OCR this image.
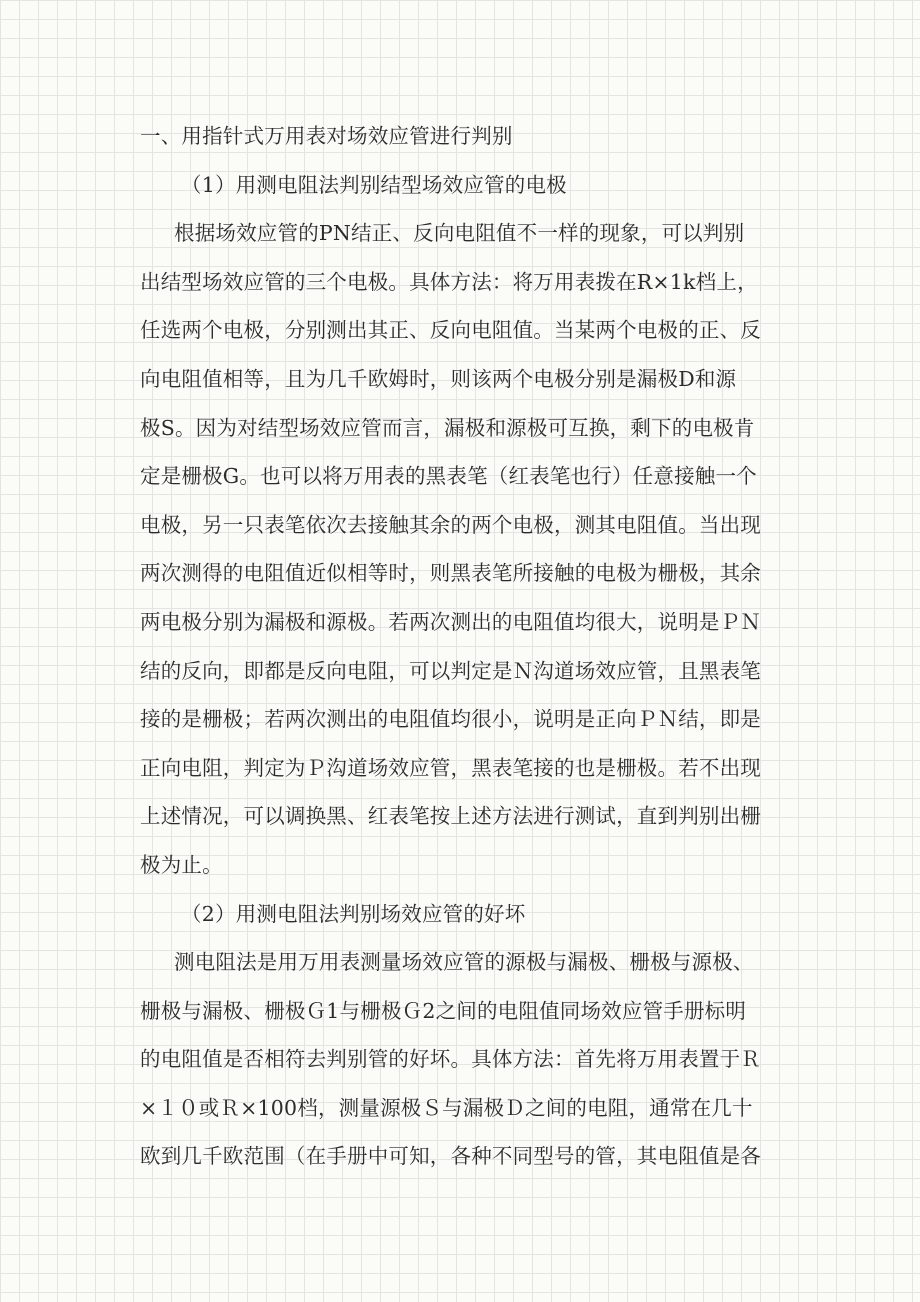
一、用指针式万用表对场效应管进行判别
（1）用测电阻法判别结型场效应管的电极
根据场效应管的PN结正、反向电阻值不一样的现象，可以判别
出结型场效应管的三个电极。具体方法：将万用表拨在R×1k档上，
任选两个电极，分别测出其正、反向电阻值。当某两个电极的正、反
向电阻值相等，且为几千欧姆时，则该两个电极分别是漏极D和源
极S。因为对结型场效应管而言，漏极和源极可互换，剩下的电极肯
定是栅极G。也可以将万用表的黑表笔（红表笔也行）任意接触一个
电极，另一只表笔依次去接触其余的两个电极，测其电阻值。当出现
两次测得的电阻值近似相等时，则黑表笔所接触的电极为栅极，其余
两电极分别为漏极和源极。若两次测出的电阻值均很大，说明是ＰＮ
结的反向，即都是反向电阻，可以判定是Ｎ沟道场效应管，且黑表笔
接的是栅极；若两次测出的电阻值均很小，说明是正向ＰＮ结，即是
正向电阻，判定为Ｐ沟道场效应管，黑表笔接的也是栅极。若不出现
上述情况，可以调换黑、红表笔按上述方法进行测试，直到判别出栅
极为止。
（2）用测电阻法判别场效应管的好坏
测电阻法是用万用表测量场效应管的源极与漏极、栅极与源极、
栅极与漏极、栅极Ｇ1与栅极Ｇ2之间的电阻值同场效应管手册标明
的电阻值是否相符去判别管的好坏。具体方法：首先将万用表置于Ｒ
×１０或Ｒ×100档，测量源极Ｓ与漏极Ｄ之间的电阻，通常在几十
欧到几千欧范围（在手册中可知，各种不同型号的管，其电阻值是各
